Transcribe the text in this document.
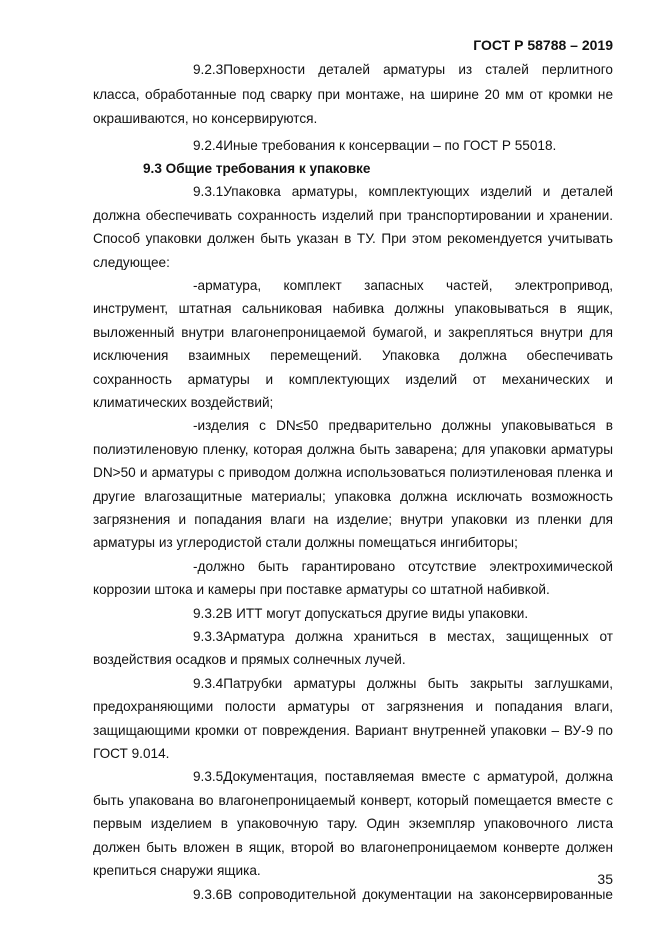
ГОСТ Р 58788 – 2019

9.2.3Поверхности деталей арматуры из сталей перлитного класса, обработанные под сварку при монтаже, на ширине 20 мм от кромки не окрашиваются, но консервируются.

9.2.4Иные требования к консервации – по ГОСТ Р 55018.

9.3 Общие требования к упаковке

9.3.1Упаковка арматуры, комплектующих изделий и деталей должна обеспечивать сохранность изделий при транспортировании и хранении. Способ упаковки должен быть указан в ТУ. При этом рекомендуется учитывать следующее:

-арматура, комплект запасных частей, электропривод, инструмент, штатная сальниковая набивка должны упаковываться в ящик, выложенный внутри влагонепроницаемой бумагой, и закрепляться внутри для исключения взаимных перемещений. Упаковка должна обеспечивать сохранность арматуры и комплектующих изделий от механических и климатических воздействий;

-изделия с DN≤50 предварительно должны упаковываться в полиэтиленовую пленку, которая должна быть заварена; для упаковки арматуры DN>50 и арматуры с приводом должна использоваться полиэтиленовая пленка и другие влагозащитные материалы; упаковка должна исключать возможность загрязнения и попадания влаги на изделие; внутри упаковки из пленки для арматуры из углеродистой стали должны помещаться ингибиторы;

-должно быть гарантировано отсутствие электрохимической коррозии штока и камеры при поставке арматуры со штатной набивкой.

9.3.2В ИТТ могут допускаться другие виды упаковки.

9.3.3Арматура должна храниться в местах, защищенных от воздействия осадков и прямых солнечных лучей.

9.3.4Патрубки арматуры должны быть закрыты заглушками, предохраняющими полости арматуры от загрязнения и попадания влаги, защищающими кромки от повреждения. Вариант внутренней упаковки – ВУ-9 по ГОСТ 9.014.

9.3.5Документация, поставляемая вместе с арматурой, должна быть упакована во влагонепроницаемый конверт, который помещается вместе с первым изделием в упаковочную тару. Один экземпляр упаковочного листа должен быть вложен в ящик, второй во влагонепроницаемом конверте должен крепиться снаружи ящика.

9.3.6В сопроводительной документации на законсервированные

35
